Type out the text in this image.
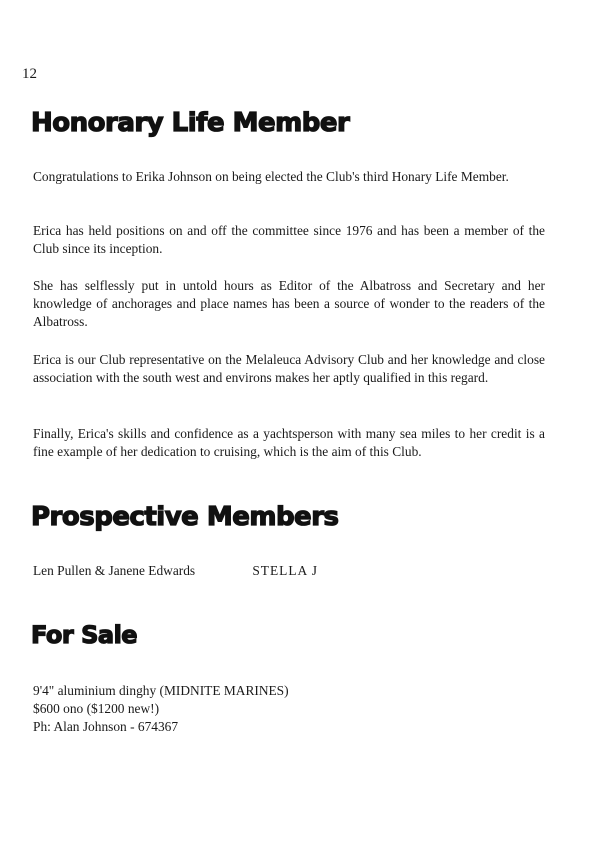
12
Honorary Life Member

Congratulations to Erika Johnson on being elected the Club's third Honary Life Member.

Erica has held positions on and off the committee since 1976 and has been a member of the Club since its inception.

She has selflessly put in untold hours as Editor of the Albatross and Secretary and her knowledge of anchorages and place names has been a source of wonder to the readers of the Albatross.

Erica is our Club representative on the Melaleuca Advisory Club and her knowledge and close association with the south west and environs makes her aptly qualified in this regard.

Finally, Erica's skills and confidence as a yachtsperson with many sea miles to her credit is a fine example of her dedication to cruising, which is the aim of this Club.

Prospective Members
Len Pullen & Janene Edwards	STELLA J
For Sale
9'4" aluminium dinghy (MIDNITE MARINES)
$600 ono ($1200 new!)
Ph: Alan Johnson - 674367
